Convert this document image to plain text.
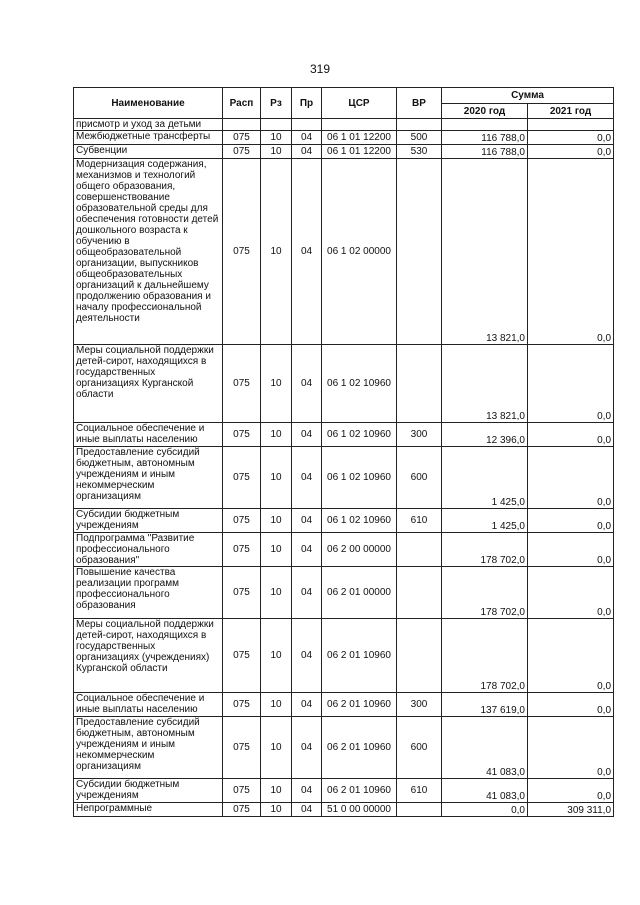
319
Наименование	Расп	Рз	Пр	ЦСР	ВР	Сумма	
						2020 год	2021 год
присмотр и уход за детьми							
Межбюджетные трансферты	075	10	04	06 1 01 12200	500	116 788,0	0,0
Субвенции	075	10	04	06 1 01 12200	530	116 788,0	0,0
Модернизация содержания, механизмов и технологий общего образования, совершенствование образовательной среды для обеспечения готовности детей дошкольного возраста к обучению в общеобразовательной организации, выпускников общеобразовательных организаций к дальнейшему продолжению образования и началу профессиональной деятельности	075	10	04	06 1 02 00000		13 821,0	0,0
Меры социальной поддержки детей-сирот, находящихся в государственных организациях Курганской области	075	10	04	06 1 02 10960		13 821,0	0,0
Социальное обеспечение и иные выплаты населению	075	10	04	06 1 02 10960	300	12 396,0	0,0
Предоставление субсидий бюджетным, автономным учреждениям и иным некоммерческим организациям	075	10	04	06 1 02 10960	600	1 425,0	0,0
Субсидии бюджетным учреждениям	075	10	04	06 1 02 10960	610	1 425,0	0,0
Подпрограмма "Развитие профессионального образования"	075	10	04	06 2 00 00000		178 702,0	0,0
Повышение качества реализации программ профессионального образования	075	10	04	06 2 01 00000		178 702,0	0,0
Меры социальной поддержки детей-сирот, находящихся в государственных организациях (учреждениях) Курганской области	075	10	04	06 2 01 10960		178 702,0	0,0
Социальное обеспечение и иные выплаты населению	075	10	04	06 2 01 10960	300	137 619,0	0,0
Предоставление субсидий бюджетным, автономным учреждениям и иным некоммерческим организациям	075	10	04	06 2 01 10960	600	41 083,0	0,0
Субсидии бюджетным учреждениям	075	10	04	06 2 01 10960	610	41 083,0	0,0
Непрограммные	075	10	04	51 0 00 00000		0,0	309 311,0
